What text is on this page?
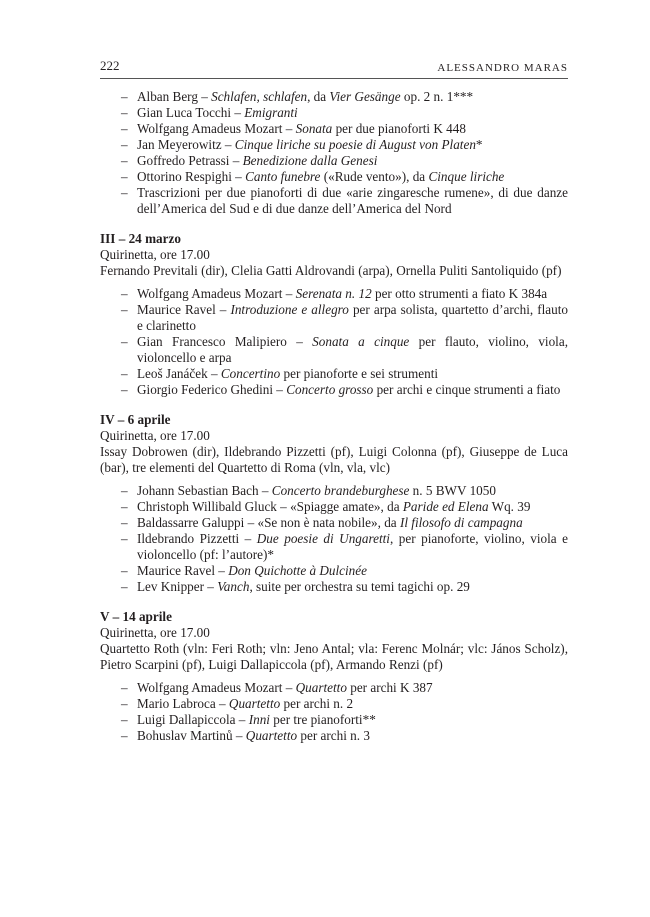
222	ALESSANDRO MARAS
– Alban Berg – Schlafen, schlafen, da Vier Gesänge op. 2 n. 1***
– Gian Luca Tocchi – Emigranti
– Wolfgang Amadeus Mozart – Sonata per due pianoforti K 448
– Jan Meyerowitz – Cinque liriche su poesie di August von Platen*
– Goffredo Petrassi – Benedizione dalla Genesi
– Ottorino Respighi – Canto funebre («Rude vento»), da Cinque liriche
– Trascrizioni per due pianoforti di due «arie zingaresche rumene», di due danze dell’America del Sud e di due danze dell’America del Nord
III – 24 marzo
Quirinetta, ore 17.00
Fernando Previtali (dir), Clelia Gatti Aldrovandi (arpa), Ornella Puliti Santoliquido (pf)
– Wolfgang Amadeus Mozart – Serenata n. 12 per otto strumenti a fiato K 384a
– Maurice Ravel – Introduzione e allegro per arpa solista, quartetto d’archi, flauto e clarinetto
– Gian Francesco Malipiero – Sonata a cinque per flauto, violino, viola, violoncello e arpa
– Leoš Janáček – Concertino per pianoforte e sei strumenti
– Giorgio Federico Ghedini – Concerto grosso per archi e cinque strumenti a fiato
IV – 6 aprile
Quirinetta, ore 17.00
Issay Dobrowen (dir), Ildebrando Pizzetti (pf), Luigi Colonna (pf), Giuseppe de Luca (bar), tre elementi del Quartetto di Roma (vln, vla, vlc)
– Johann Sebastian Bach – Concerto brandeburghese n. 5 BWV 1050
– Christoph Willibald Gluck – «Spiagge amate», da Paride ed Elena Wq. 39
– Baldassarre Galuppi – «Se non è nata nobile», da Il filosofo di campagna
– Ildebrando Pizzetti – Due poesie di Ungaretti, per pianoforte, violino, viola e violoncello (pf: l’autore)*
– Maurice Ravel – Don Quichotte à Dulcinée
– Lev Knipper – Vanch, suite per orchestra su temi tagichi op. 29
V – 14 aprile
Quirinetta, ore 17.00
Quartetto Roth (vln: Feri Roth; vln: Jeno Antal; vla: Ferenc Molnár; vlc: János Scholz), Pietro Scarpini (pf), Luigi Dallapiccola (pf), Armando Renzi (pf)
– Wolfgang Amadeus Mozart – Quartetto per archi K 387
– Mario Labroca – Quartetto per archi n. 2
– Luigi Dallapiccola – Inni per tre pianoforti**
– Bohuslav Martinů – Quartetto per archi n. 3
